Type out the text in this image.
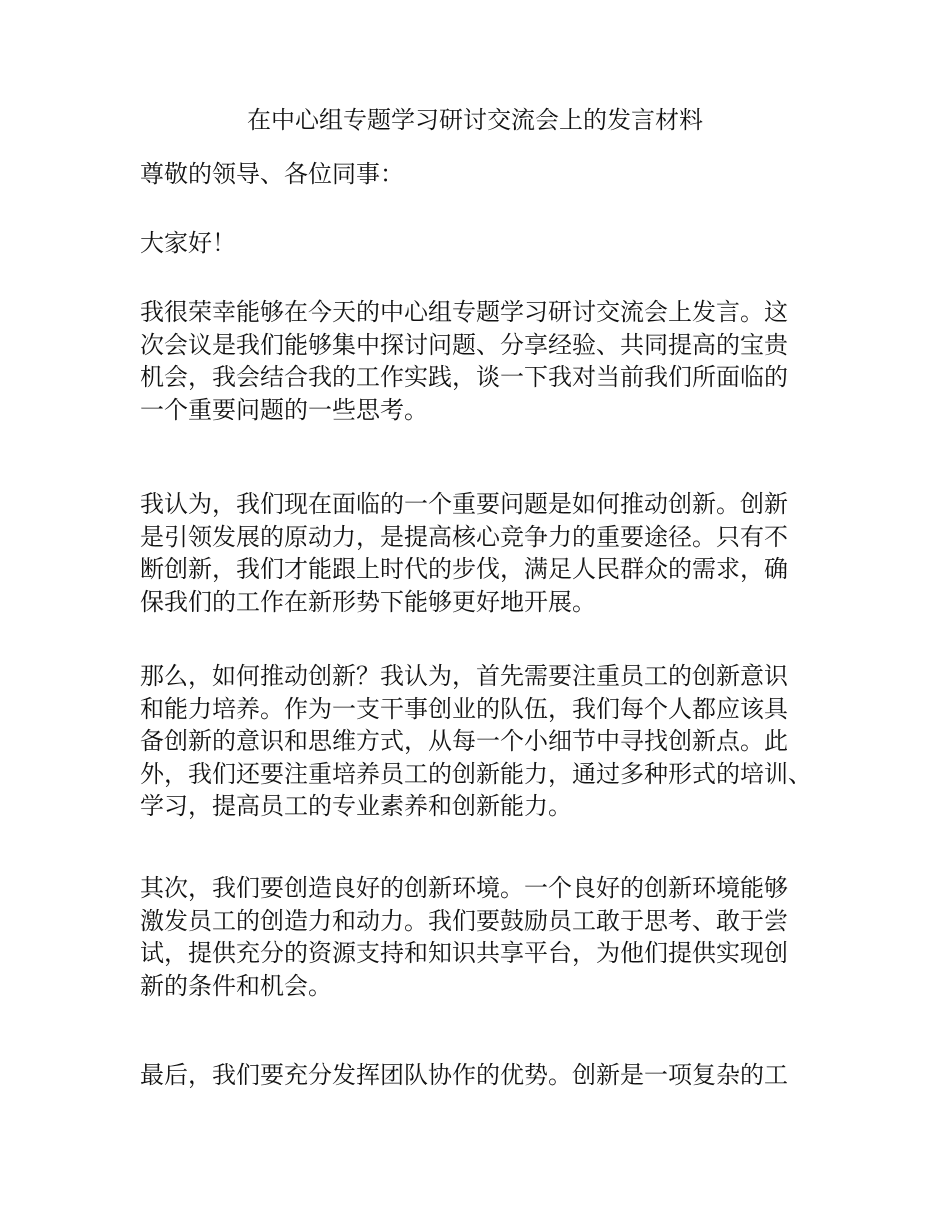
在中心组专题学习研讨交流会上的发言材料
尊敬的领导、各位同事：
大家好！
我很荣幸能够在今天的中心组专题学习研讨交流会上发言。这
次会议是我们能够集中探讨问题、分享经验、共同提高的宝贵
机会，我会结合我的工作实践，谈一下我对当前我们所面临的
一个重要问题的一些思考。
我认为，我们现在面临的一个重要问题是如何推动创新。创新
是引领发展的原动力，是提高核心竞争力的重要途径。只有不
断创新，我们才能跟上时代的步伐，满足人民群众的需求，确
保我们的工作在新形势下能够更好地开展。
那么，如何推动创新？我认为，首先需要注重员工的创新意识
和能力培养。作为一支干事创业的队伍，我们每个人都应该具
备创新的意识和思维方式，从每一个小细节中寻找创新点。此
外，我们还要注重培养员工的创新能力，通过多种形式的培训、
学习，提高员工的专业素养和创新能力。
其次，我们要创造良好的创新环境。一个良好的创新环境能够
激发员工的创造力和动力。我们要鼓励员工敢于思考、敢于尝
试，提供充分的资源支持和知识共享平台，为他们提供实现创
新的条件和机会。
最后，我们要充分发挥团队协作的优势。创新是一项复杂的工
